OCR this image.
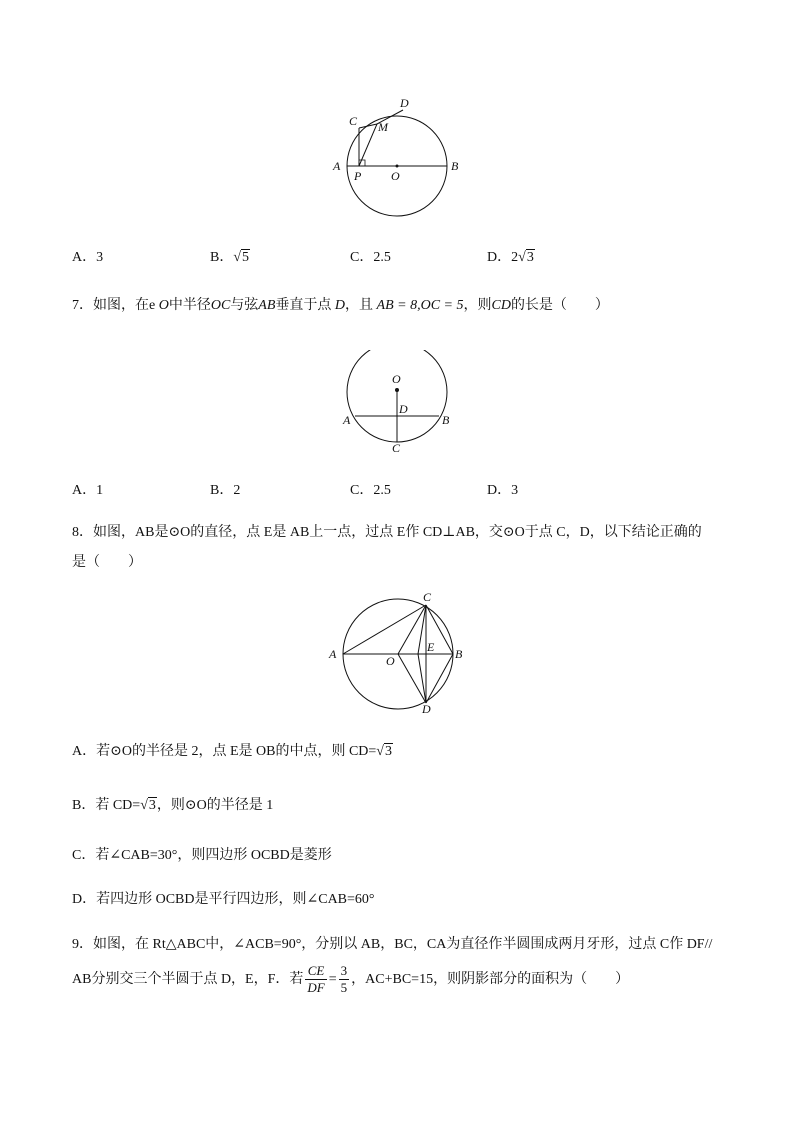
A	B
C
D
M
P O
A．3	B．√5	C．2.5	D．2√3
7．如图，在e O中半径OC与弦AB垂直于点 D，且 AB = 8,OC = 5，则CD的长是（　　）
O
D
A	B
C
A．1	B．2	C．2.5	D．3
8．如图，AB是⊙O的直径，点 E是 AB上一点，过点 E作 CD⊥AB，交⊙O于点 C，D，以下结论正确的
是（　　）
A	B
C
D
O
E
A．若⊙O的半径是 2，点 E是 OB的中点，则 CD=√3
B．若 CD=√3，则⊙O的半径是 1
C．若∠CAB=30°，则四边形 OCBD是菱形
D．若四边形 OCBD是平行四边形，则∠CAB=60°
9．如图，在 Rt△ABC中，∠ACB=90°，分别以 AB，BC，CA为直径作半圆围成两月牙形，过点 C作 DF//
AB分别交三个半圆于点 D，E，F．若 $\frac{CE}{DF} = \frac{3}{5}$ ，AC+BC=15，则阴影部分的面积为（　　）
